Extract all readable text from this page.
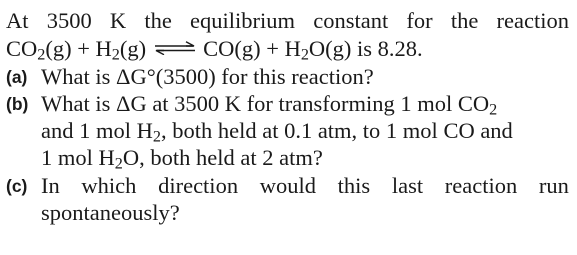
At 3500 K the equilibrium constant for the reaction
$CO_2(g) + H_2(g)$ ⇌ $CO(g) + H_2O(g)$ is 8.28.
(a) What is ΔG°(3500) for this reaction?
(b) What is ΔG at 3500 K for transforming 1 mol $CO_2$
and 1 mol $H_2$, both held at 0.1 atm, to 1 mol CO and
1 mol $H_2O$, both held at 2 atm?
(c) In which direction would this last reaction run
spontaneously?
